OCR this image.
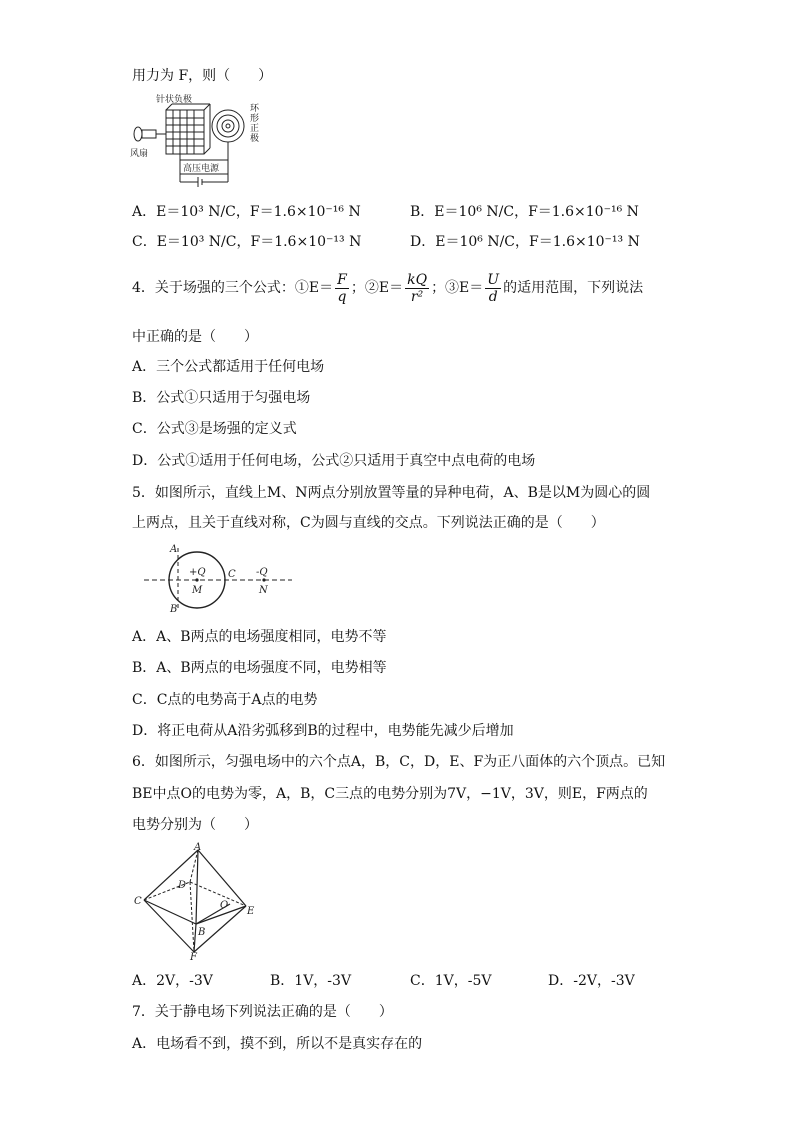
用力为 F，则（　　）
针状负极
风扇
高压电源
环形正极
A．E＝10³ N/C，F＝1.6×10⁻¹⁶ N	B．E＝10⁶ N/C，F＝1.6×10⁻¹⁶ N
C．E＝10³ N/C，F＝1.6×10⁻¹³ N	D．E＝10⁶ N/C，F＝1.6×10⁻¹³ N
4．关于场强的三个公式：①E＝ $\frac{F}{q}$ ；②E＝ $\frac{kQ}{\text{r²}}$ ；③E＝ $\frac{U}{d}$ 的适用范围，下列说法
中正确的是（　　）
A．三个公式都适用于任何电场
B．公式①只适用于匀强电场
C．公式③是场强的定义式
D．公式①适用于任何电场，公式②只适用于真空中点电荷的电场
5．如图所示，直线上M、N两点分别放置等量的异种电荷，A、B是以M为圆心的圆
上两点，且关于直线对称，C为圆与直线的交点。下列说法正确的是（　　）
A
B
C
M	N
+Q	-Q
A．A、B两点的电场强度相同，电势不等
B．A、B两点的电场强度不同，电势相等
C．C点的电势高于A点的电势
D．将正电荷从A沿劣弧移到B的过程中，电势能先减少后增加
6．如图所示，匀强电场中的六个点A，B，C，D，E、F为正八面体的六个顶点。已知
BE中点O的电势为零，A，B，C三点的电势分别为7V，−1V，3V，则E，F两点的
电势分别为（　　）
A
C
D
O
E
B
F
A．2V，-3V	B．1V，-3V	C．1V，-5V	D．-2V，-3V
7．关于静电场下列说法正确的是（　　）
A．电场看不到，摸不到，所以不是真实存在的
